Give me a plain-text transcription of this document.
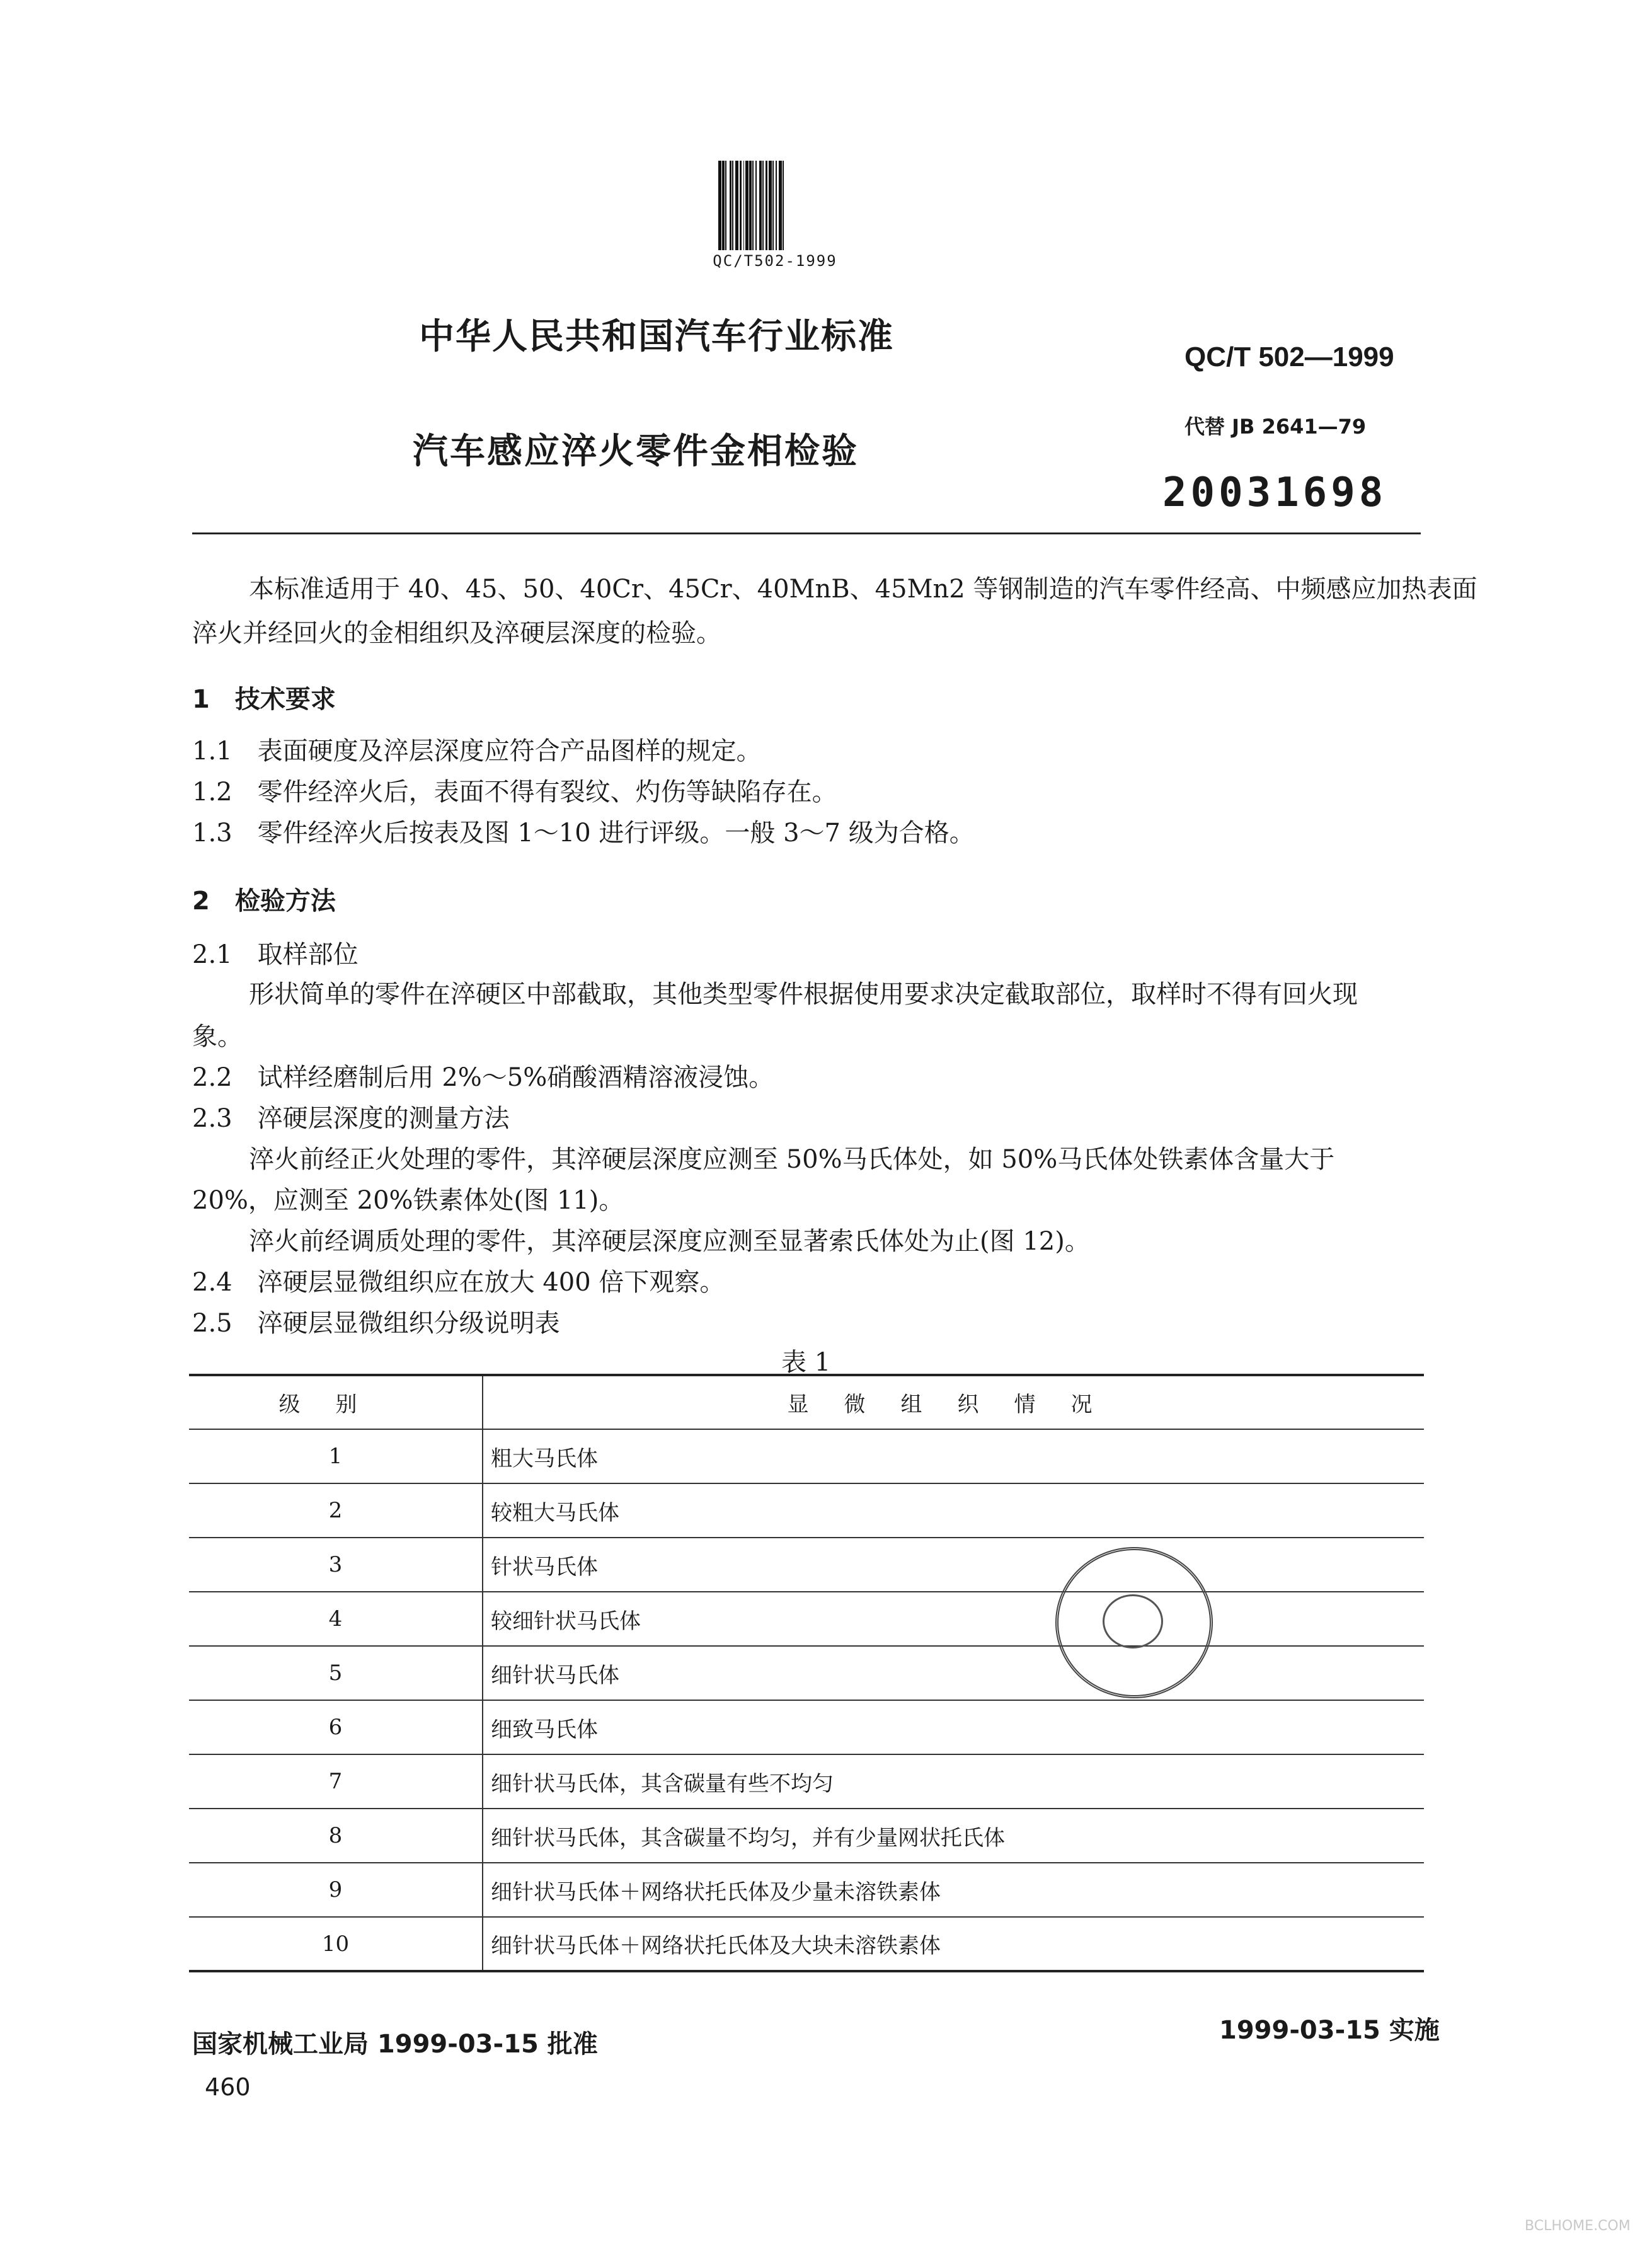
QC/T502-1999
中华人民共和国汽车行业标准	QC/T 502—1999
汽车感应淬火零件金相检验
代替 JB 2641—79
20031698
本标准适用于 40、45、50、40Cr、45Cr、40MnB、45Mn2 等钢制造的汽车零件经高、中频感应加热表面
淬火并经回火的金相组织及淬硬层深度的检验。
1　技术要求
1.1　表面硬度及淬层深度应符合产品图样的规定。
1.2　零件经淬火后，表面不得有裂纹、灼伤等缺陷存在。
1.3　零件经淬火后按表及图 1～10 进行评级。一般 3～7 级为合格。
2　检验方法
2.1　取样部位
形状简单的零件在淬硬区中部截取，其他类型零件根据使用要求决定截取部位，取样时不得有回火现
象。
2.2　试样经磨制后用 2%～5%硝酸酒精溶液浸蚀。
2.3　淬硬层深度的测量方法
淬火前经正火处理的零件，其淬硬层深度应测至 50%马氏体处，如 50%马氏体处铁素体含量大于
20%，应测至 20%铁素体处(图 11)。
淬火前经调质处理的零件，其淬硬层深度应测至显著索氏体处为止(图 12)。
2.4　淬硬层显微组织应在放大 400 倍下观察。
2.5　淬硬层显微组织分级说明表
表 1
级别	显微组织情况
1	粗大马氏体
2	较粗大马氏体
3	针状马氏体
4	较细针状马氏体
5	细针状马氏体
6	细致马氏体
7	细针状马氏体，其含碳量有些不均匀
8	细针状马氏体，其含碳量不均匀，并有少量网状托氏体
9	细针状马氏体＋网络状托氏体及少量未溶铁素体
10	细针状马氏体＋网络状托氏体及大块未溶铁素体
国家机械工业局 1999-03-15 批准	1999-03-15 实施
460
BCLHOME.COM
